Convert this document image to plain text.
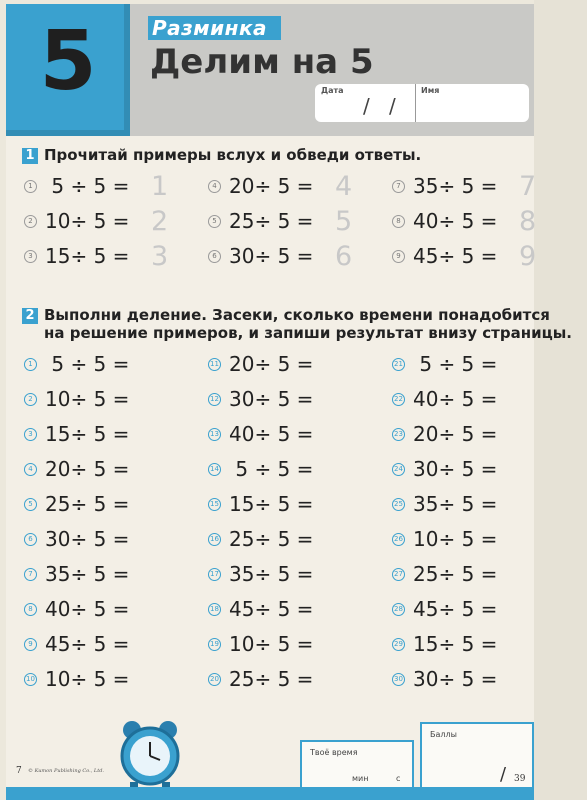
5	Разминка
Делим на 5
Дата
/ /
Имя
1 Прочитай примеры вслух и обведи ответы.
1 5 ÷ 5 = 1
2 10÷ 5 = 2
3 15÷ 5 = 3
4 20÷ 5 = 4
5 25÷ 5 = 5
6 30÷ 5 = 6
7 35÷ 5 = 7
8 40÷ 5 = 8
9 45÷ 5 = 9
2 Выполни деление. Засеки, сколько времени понадобится
на решение примеров, и запиши результат внизу страницы.
1 5 ÷ 5 =
2 10÷ 5 =
3 15÷ 5 =
4 20÷ 5 =
5 25÷ 5 =
6 30÷ 5 =
7 35÷ 5 =
8 40÷ 5 =
9 45÷ 5 =
10 10÷ 5 =
11 20÷ 5 =
12 30÷ 5 =
13 40÷ 5 =
14 5 ÷ 5 =
15 15÷ 5 =
16 25÷ 5 =
17 35÷ 5 =
18 45÷ 5 =
19 10÷ 5 =
20 25÷ 5 =
21 5 ÷ 5 =
22 40÷ 5 =
23 20÷ 5 =
24 30÷ 5 =
25 35÷ 5 =
26 10÷ 5 =
27 25÷ 5 =
28 45÷ 5 =
29 15÷ 5 =
30 30÷ 5 =
Твоё время
мин	с
Баллы
/ 39
7 © Kumon Publishing Co., Ltd.
